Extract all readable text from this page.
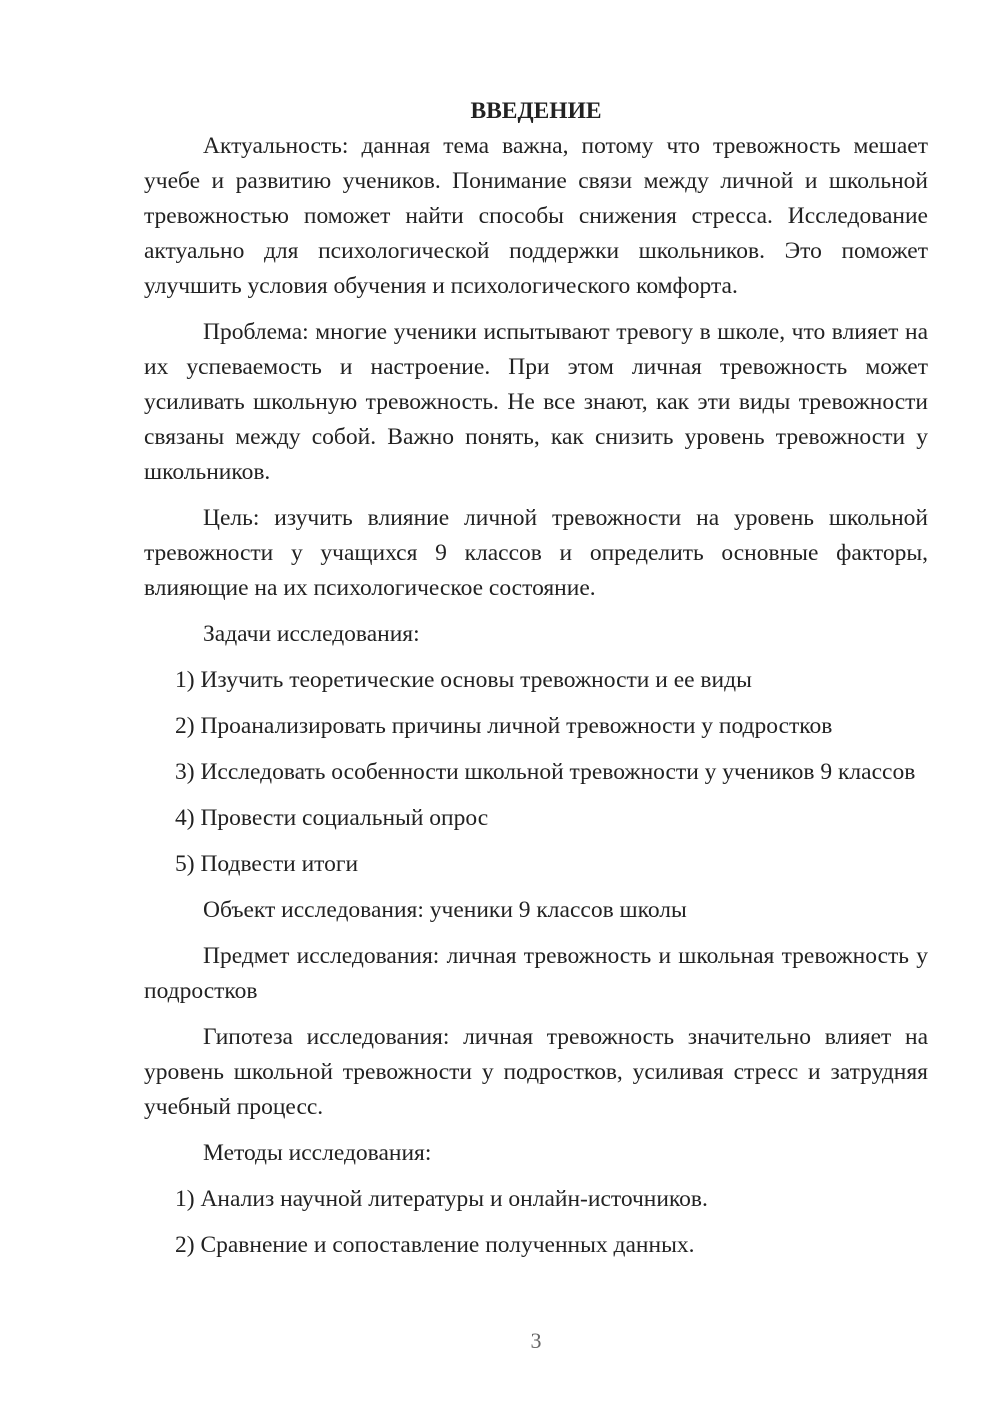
ВВЕДЕНИЕ

Актуальность: данная тема важна, потому что тревожность мешает учебе и развитию учеников. Понимание связи между личной и школьной тревожностью поможет найти способы снижения стресса. Исследование актуально для психологической поддержки школьников. Это поможет улучшить условия обучения и психологического комфорта.

Проблема: многие ученики испытывают тревогу в школе, что влияет на их успеваемость и настроение. При этом личная тревожность может усиливать школьную тревожность. Не все знают, как эти виды тревожности связаны между собой. Важно понять, как снизить уровень тревожности у школьников.

Цель: изучить влияние личной тревожности на уровень школьной тревожности у учащихся 9 классов и определить основные факторы, влияющие на их психологическое состояние.

Задачи исследования:

1) Изучить теоретические основы тревожности и ее виды

2) Проанализировать причины личной тревожности у подростков

3) Исследовать особенности школьной тревожности у учеников 9 классов

4) Провести социальный опрос

5) Подвести итоги

Объект исследования: ученики 9 классов школы

Предмет исследования: личная тревожность и школьная тревожность у подростков

Гипотеза исследования: личная тревожность значительно влияет на уровень школьной тревожности у подростков, усиливая стресс и затрудняя учебный процесс.

Методы исследования:

1) Анализ научной литературы и онлайн-источников.

2) Сравнение и сопоставление полученных данных.

3
